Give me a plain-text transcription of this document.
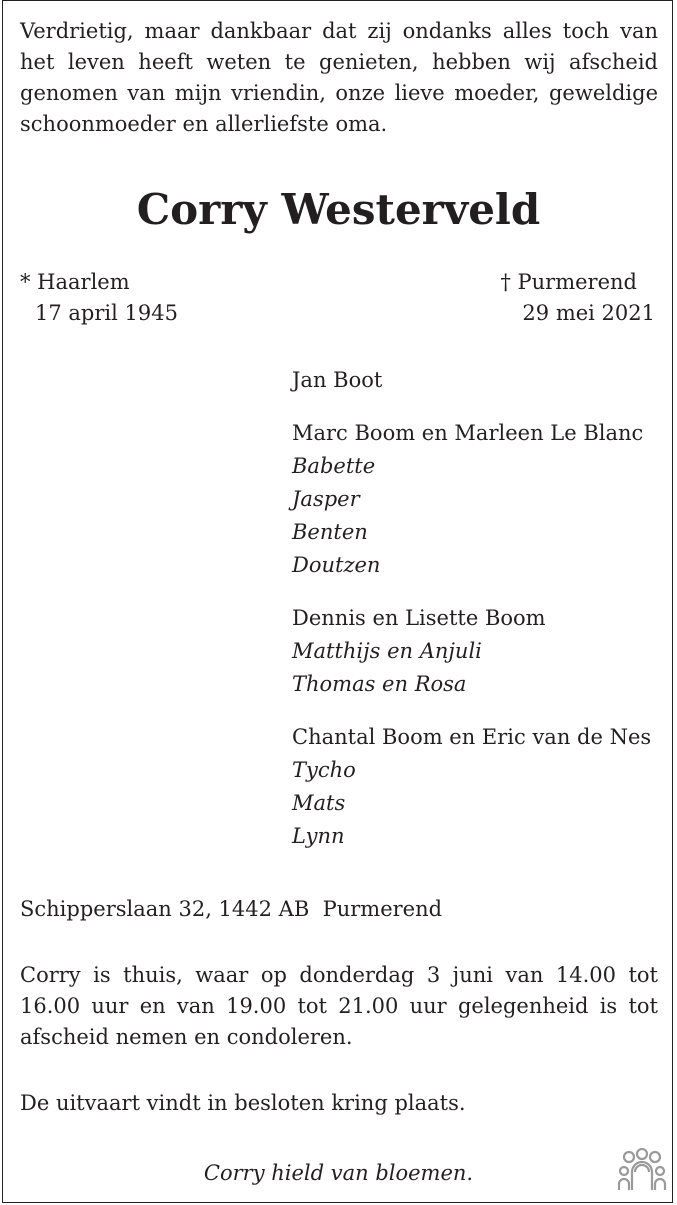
Verdrietig, maar dankbaar dat zij ondanks alles toch van het leven heeft weten te genieten, hebben wij afscheid genomen van mijn vriendin, onze lieve moeder, geweldige schoonmoeder en allerliefste oma.

Corry Westerveld
* Haarlem
17 april 1945
† Purmerend
29 mei 2021
Jan Boot
Marc Boom en Marleen Le Blanc
Babette
Jasper
Benten
Doutzen
Dennis en Lisette Boom
Matthijs en Anjuli
Thomas en Rosa
Chantal Boom en Eric van de Nes
Tycho
Mats
Lynn
Schipperslaan 32, 1442 AB  Purmerend

Corry is thuis, waar op donderdag 3 juni van 14.00 tot 16.00 uur en van 19.00 tot 21.00 uur gelegenheid is tot afscheid nemen en condoleren.

De uitvaart vindt in besloten kring plaats.
Corry hield van bloemen.
